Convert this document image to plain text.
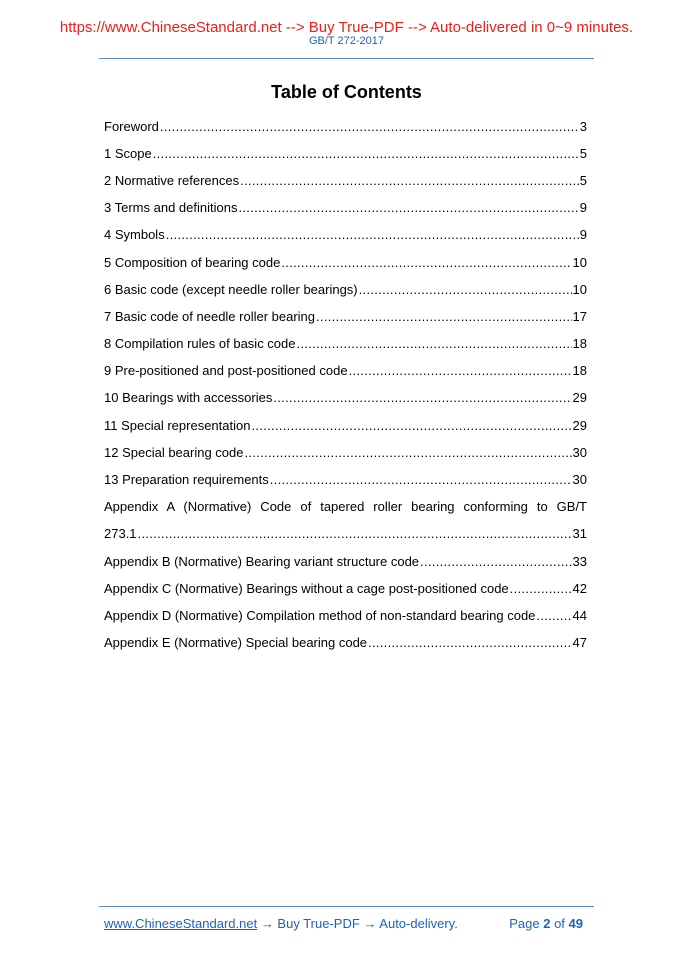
https://www.ChineseStandard.net --> Buy True-PDF --> Auto-delivered in 0~9 minutes.
GB/T 272-2017
Table of Contents
Foreword .....	3
1 Scope .....	5
2 Normative references .....	5
3 Terms and definitions .....	9
4 Symbols .....	9
5 Composition of bearing code .....	10
6 Basic code (except needle roller bearings) .....	10
7 Basic code of needle roller bearing .....	17
8 Compilation rules of basic code .....	18
9 Pre-positioned and post-positioned code .....	18
10 Bearings with accessories .....	29
11 Special representation .....	29
12 Special bearing code .....	30
13 Preparation requirements .....	30
Appendix A (Normative) Code of tapered roller bearing conforming to GB/T
273.1 .....	31
Appendix B (Normative) Bearing variant structure code .....	33
Appendix C (Normative) Bearings without a cage post-positioned code .....	42
Appendix D (Normative) Compilation method of non-standard bearing code .....	44
Appendix E (Normative) Special bearing code .....	47
www.ChineseStandard.net → Buy True-PDF → Auto-delivery.	Page 2 of 49
